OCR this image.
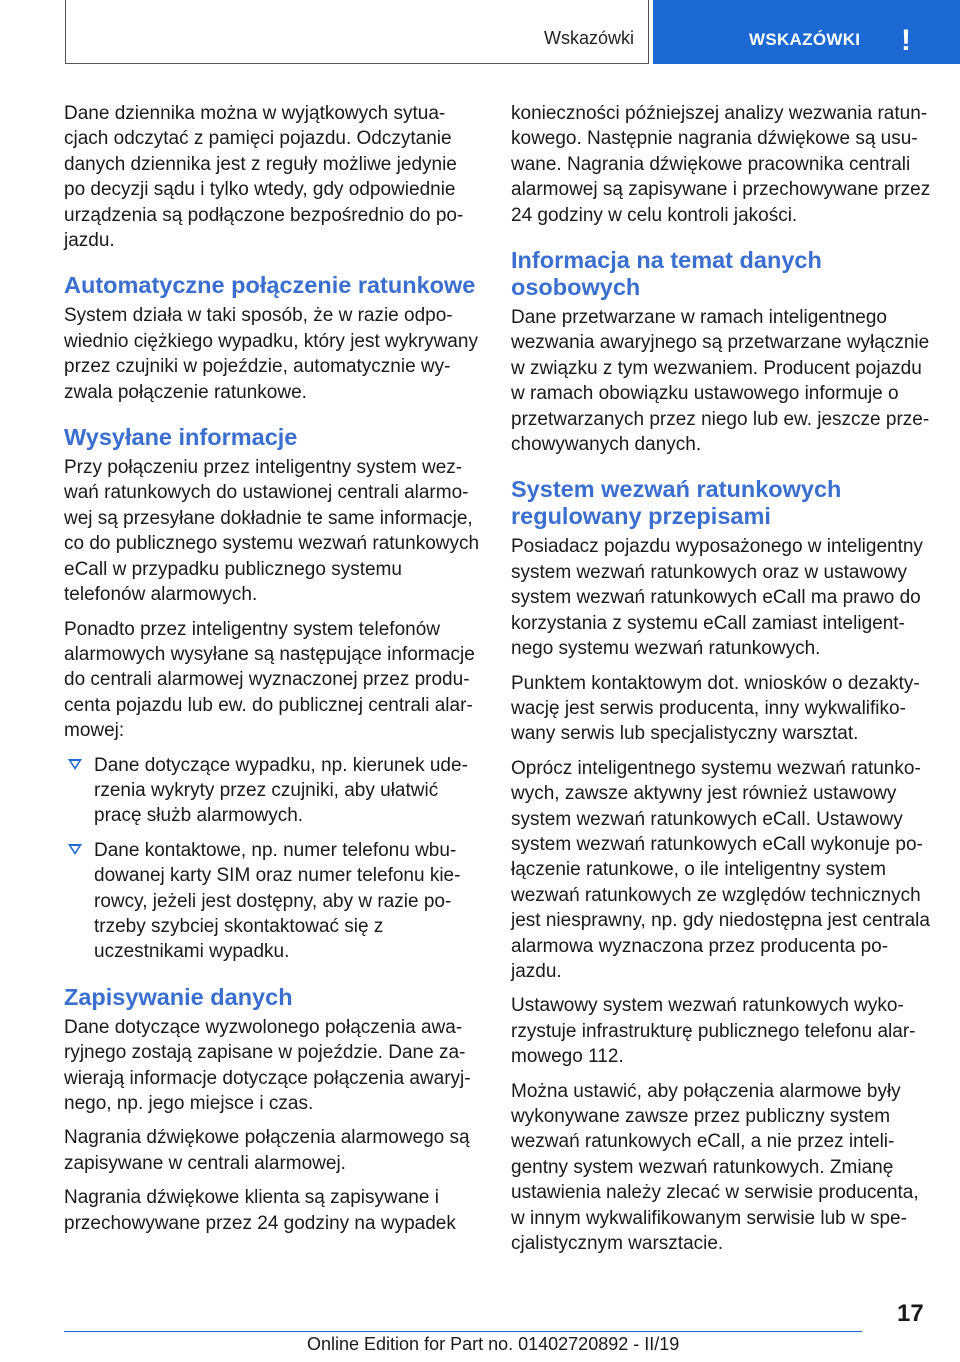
Wskazówki	WSKAZÓWKI !

Dane dziennika można w wyjątkowych sytuacjach odczytać z pamięci pojazdu. Odczytanie danych dziennika jest z reguły możliwe jedynie po decyzji sądu i tylko wtedy, gdy odpowiednie urządzenia są podłączone bezpośrednio do pojazdu.

Automatyczne połączenie ratunkowe

System działa w taki sposób, że w razie odpowiednio ciężkiego wypadku, który jest wykrywany przez czujniki w pojeździe, automatycznie wyzwala połączenie ratunkowe.

Wysyłane informacje

Przy połączeniu przez inteligentny system wezwań ratunkowych do ustawionej centrali alarmowej są przesyłane dokładnie te same informacje, co do publicznego systemu wezwań ratunkowych eCall w przypadku publicznego systemu telefonów alarmowych.

Ponadto przez inteligentny system telefonów alarmowych wysyłane są następujące informacje do centrali alarmowej wyznaczonej przez producenta pojazdu lub ew. do publicznej centrali alarmowej:

Dane dotyczące wypadku, np. kierunek uderzenia wykryty przez czujniki, aby ułatwić pracę służb alarmowych.
Dane kontaktowe, np. numer telefonu wbudowanej karty SIM oraz numer telefonu kierowcy, jeżeli jest dostępny, aby w razie potrzeby szybciej skontaktować się z uczestnikami wypadku.
Zapisywanie danych

Dane dotyczące wyzwolonego połączenia awaryjnego zostają zapisane w pojeździe. Dane zawierają informacje dotyczące połączenia awaryjnego, np. jego miejsce i czas.

Nagrania dźwiękowe połączenia alarmowego są zapisywane w centrali alarmowej.

Nagrania dźwiękowe klienta są zapisywane i przechowywane przez 24 godziny na wypadek

konieczności późniejszej analizy wezwania ratunkowego. Następnie nagrania dźwiękowe są usuwane. Nagrania dźwiękowe pracownika centrali alarmowej są zapisywane i przechowywane przez 24 godziny w celu kontroli jakości.

Informacja na temat danych osobowych

Dane przetwarzane w ramach inteligentnego wezwania awaryjnego są przetwarzane wyłącznie w związku z tym wezwaniem. Producent pojazdu w ramach obowiązku ustawowego informuje o przetwarzanych przez niego lub ew. jeszcze przechowywanych danych.

System wezwań ratunkowych regulowany przepisami

Posiadacz pojazdu wyposażonego w inteligentny system wezwań ratunkowych oraz w ustawowy system wezwań ratunkowych eCall ma prawo do korzystania z systemu eCall zamiast inteligentnego systemu wezwań ratunkowych.

Punktem kontaktowym dot. wniosków o dezaktywację jest serwis producenta, inny wykwalifikowany serwis lub specjalistyczny warsztat.

Oprócz inteligentnego systemu wezwań ratunkowych, zawsze aktywny jest również ustawowy system wezwań ratunkowych eCall. Ustawowy system wezwań ratunkowych eCall wykonuje połączenie ratunkowe, o ile inteligentny system wezwań ratunkowych ze względów technicznych jest niesprawny, np. gdy niedostępna jest centrala alarmowa wyznaczona przez producenta pojazdu.

Ustawowy system wezwań ratunkowych wykorzystuje infrastrukturę publicznego telefonu alarmowego 112.

Można ustawić, aby połączenia alarmowe były wykonywane zawsze przez publiczny system wezwań ratunkowych eCall, a nie przez inteligentny system wezwań ratunkowych. Zmianę ustawienia należy zlecać w serwisie producenta, w innym wykwalifikowanym serwisie lub w specjalistycznym warsztacie.

17
Online Edition for Part no. 01402720892 - II/19
